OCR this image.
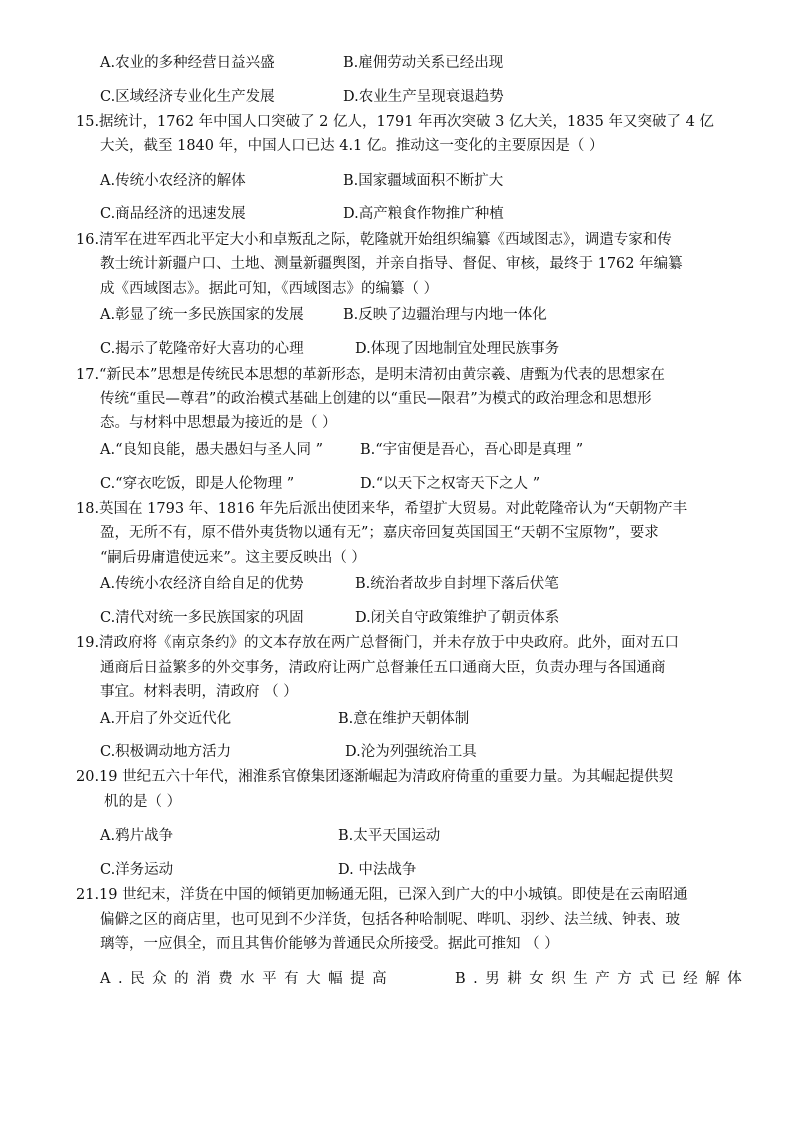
A.农业的多种经营日益兴盛	B.雇佣劳动关系已经出现
C.区域经济专业化生产发展	D.农业生产呈现衰退趋势
15.据统计，1762 年中国人口突破了 2 亿人，1791 年再次突破 3 亿大关，1835 年又突破了 4 亿
大关，截至 1840 年，中国人口已达 4.1 亿。推动这一变化的主要原因是（ ）
A.传统小农经济的解体	B.国家疆域面积不断扩大
C.商品经济的迅速发展	D.高产粮食作物推广种植
16.清军在进军西北平定大小和卓叛乱之际，乾隆就开始组织编纂《西域图志》，调遣专家和传
教士统计新疆户口、土地、测量新疆舆图，并亲自指导、督促、审核，最终于 1762 年编纂
成《西域图志》。据此可知，《西域图志》的编纂（ ）
A.彰显了统一多民族国家的发展	B.反映了边疆治理与内地一体化
C.揭示了乾隆帝好大喜功的心理	D.体现了因地制宜处理民族事务
17.“新民本”思想是传统民本思想的革新形态，是明末清初由黄宗羲、唐甄为代表的思想家在
传统“重民—尊君”的政治模式基础上创建的以“重民—限君”为模式的政治理念和思想形
态。与材料中思想最为接近的是（ ）
A.“良知良能，愚夫愚妇与圣人同 ”	B.“宇宙便是吾心，吾心即是真理 ”
C.“穿衣吃饭，即是人伦物理 ”	D.“以天下之权寄天下之人 ”
18.英国在 1793 年、1816 年先后派出使团来华，希望扩大贸易。对此乾隆帝认为“天朝物产丰
盈，无所不有，原不借外夷货物以通有无”；嘉庆帝回复英国国王“天朝不宝原物”，要求
“嗣后毋庸遣使远来”。这主要反映出（ ）
A.传统小农经济自给自足的优势	B.统治者故步自封埋下落后伏笔
C.清代对统一多民族国家的巩固	D.闭关自守政策维护了朝贡体系
19.清政府将《南京条约》的文本存放在两广总督衙门，并未存放于中央政府。此外，面对五口
通商后日益繁多的外交事务，清政府让两广总督兼任五口通商大臣，负责办理与各国通商
事宜。材料表明，清政府 （ ）
A.开启了外交近代化	B.意在维护天朝体制
C.积极调动地方活力	D.沦为列强统治工具
20.19 世纪五六十年代，湘淮系官僚集团逐渐崛起为清政府倚重的重要力量。为其崛起提供契
机的是（ ）
A.鸦片战争	B.太平天国运动
C.洋务运动	D. 中法战争
21.19 世纪末，洋货在中国的倾销更加畅通无阻，已深入到广大的中小城镇。即使是在云南昭通
偏僻之区的商店里，也可见到不少洋货，包括各种哈制呢、哔叽、羽纱、法兰绒、钟表、玻
璃等，一应俱全，而且其售价能够为普通民众所接受。据此可推知 （ ）
A.民众的消费水平有大幅提高	B.男耕女织生产方式已经解体
